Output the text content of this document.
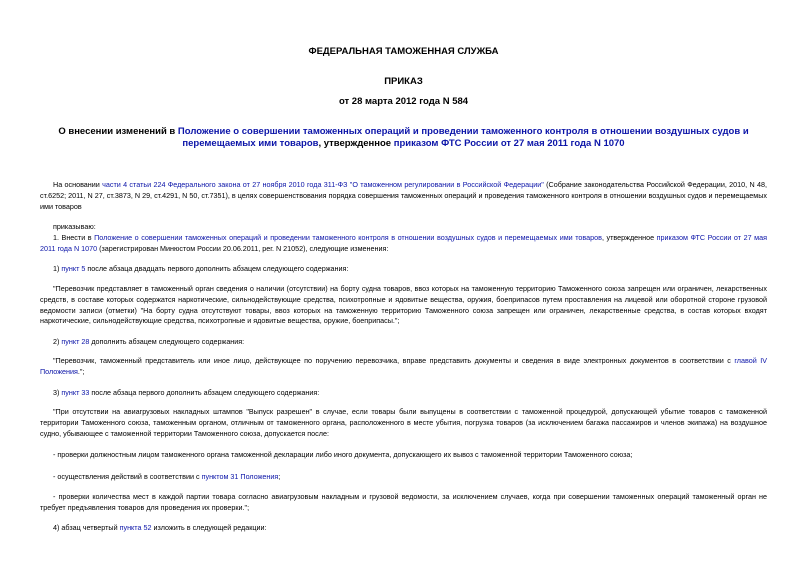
ФЕДЕРАЛЬНАЯ ТАМОЖЕННАЯ СЛУЖБА
ПРИКАЗ
от 28 марта 2012 года N 584
О внесении изменений в Положение о совершении таможенных операций и проведении таможенного контроля в отношении воздушных судов и перемещаемых ими товаров, утвержденное приказом ФТС России от 27 мая 2011 года N 1070
На основании части 4 статьи 224 Федерального закона от 27 ноября 2010 года 311-ФЗ "О таможенном регулировании в Российской Федерации" (Собрание законодательства Российской Федерации, 2010, N 48, ст.6252; 2011, N 27, ст.3873, N 29, ст.4291, N 50, ст.7351), в целях совершенствования порядка совершения таможенных операций и проведения таможенного контроля в отношении воздушных судов и перемещаемых ими товаров
приказываю:
1. Внести в Положение о совершении таможенных операций и проведении таможенного контроля в отношении воздушных судов и перемещаемых ими товаров, утвержденное приказом ФТС России от 27 мая 2011 года N 1070 (зарегистрирован Минюстом России 20.06.2011, рег. N 21052), следующие изменения:
1) пункт 5 после абзаца двадцать первого дополнить абзацем следующего содержания:
"Перевозчик представляет в таможенный орган сведения о наличии (отсутствии) на борту судна товаров, ввоз которых на таможенную территорию Таможенного союза запрещен или ограничен, лекарственных средств, в составе которых содержатся наркотические, сильнодействующие средства, психотропные и ядовитые вещества, оружия, боеприпасов путем проставления на лицевой или оборотной стороне грузовой ведомости записи (отметки) "На борту судна отсутствуют товары, ввоз которых на таможенную территорию Таможенного союза запрещен или ограничен, лекарственные средства, в состав которых входят наркотические, сильнодействующие средства, психотропные и ядовитые вещества, оружие, боеприпасы.";
2) пункт 28 дополнить абзацем следующего содержания:
"Перевозчик, таможенный представитель или иное лицо, действующее по поручению перевозчика, вправе представить документы и сведения в виде электронных документов в соответствии с главой IV Положения.";
3) пункт 33 после абзаца первого дополнить абзацем следующего содержания:
"При отсутствии на авиагрузовых накладных штампов "Выпуск разрешен" в случае, если товары были выпущены в соответствии с таможенной процедурой, допускающей убытие товаров с таможенной территории Таможенного союза, таможенным органом, отличным от таможенного органа, расположенного в месте убытия, погрузка товаров (за исключением багажа пассажиров и членов экипажа) на воздушное судно, убывающее с таможенной территории Таможенного союза, допускается после:
- проверки должностным лицом таможенного органа таможенной декларации либо иного документа, допускающего их вывоз с таможенной территории Таможенного союза;
- осуществления действий в соответствии с пунктом 31 Положения;
- проверки количества мест в каждой партии товара согласно авиагрузовым накладным и грузовой ведомости, за исключением случаев, когда при совершении таможенных операций таможенный орган не требует предъявления товаров для проведения их проверки.";
4) абзац четвертый пункта 52 изложить в следующей редакции:
